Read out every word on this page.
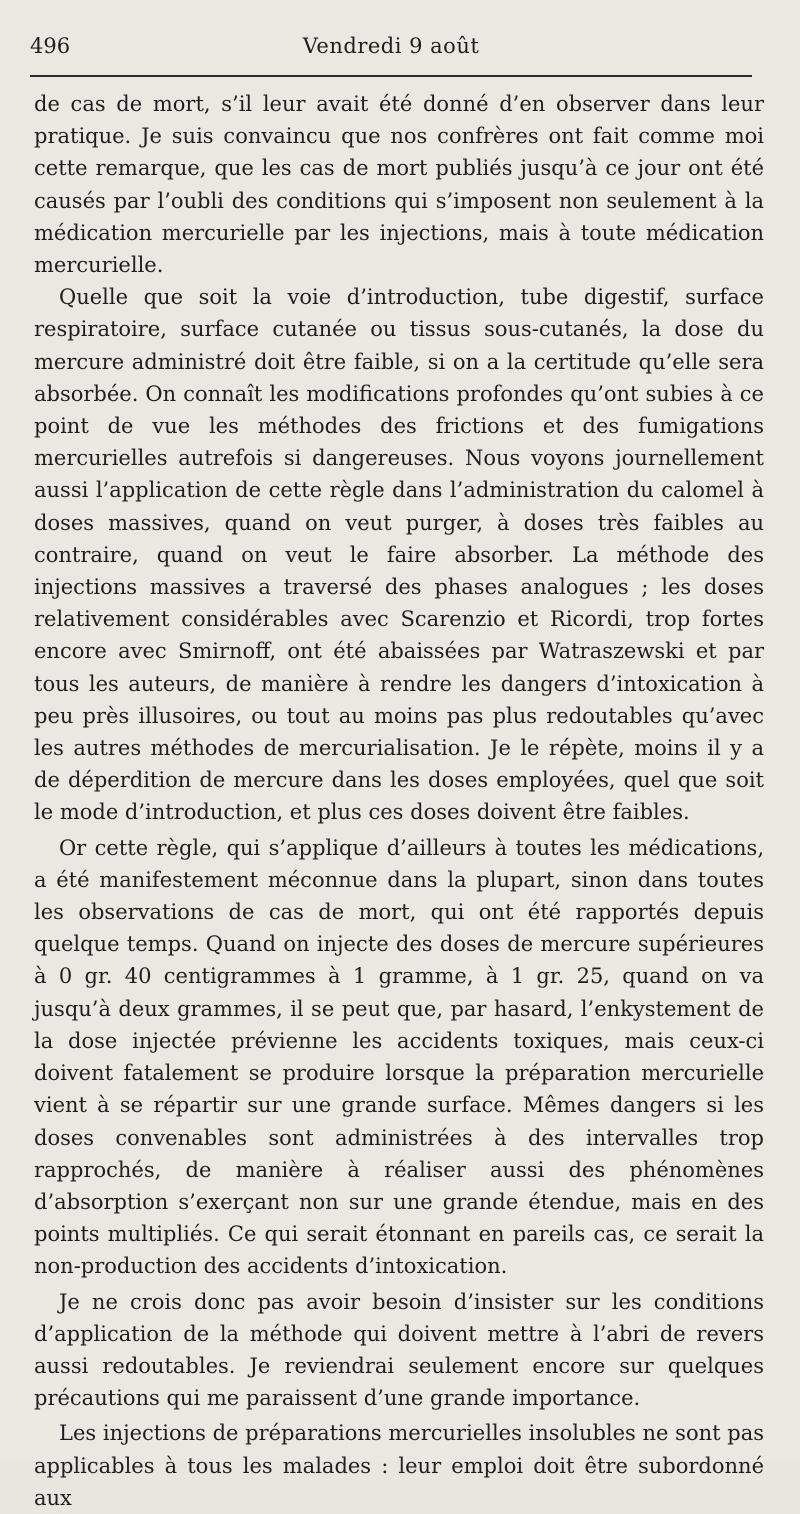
496	Vendredi 9 août

de cas de mort, s’il leur avait été donné d’en observer dans leur pratique. Je suis convaincu que nos confrères ont fait comme moi cette remarque, que les cas de mort publiés jusqu’à ce jour ont été causés par l’oubli des conditions qui s’imposent non seulement à la médication mercurielle par les injections, mais à toute médication mercurielle.

Quelle que soit la voie d’introduction, tube digestif, surface respiratoire, surface cutanée ou tissus sous-cutanés, la dose du mercure administré doit être faible, si on a la certitude qu’elle sera absorbée. On connaît les modifications profondes qu’ont subies à ce point de vue les méthodes des frictions et des fumigations mercurielles autrefois si dangereuses. Nous voyons journellement aussi l’application de cette règle dans l’administration du calomel à doses massives, quand on veut purger, à doses très faibles au contraire, quand on veut le faire absorber. La méthode des injections massives a traversé des phases analogues ; les doses relativement considérables avec Scarenzio et Ricordi, trop fortes encore avec Smirnoff, ont été abaissées par Watraszewski et par tous les auteurs, de manière à rendre les dangers d’intoxication à peu près illusoires, ou tout au moins pas plus redoutables qu’avec les autres méthodes de mercurialisation. Je le répète, moins il y a de déperdition de mercure dans les doses employées, quel que soit le mode d’introduction, et plus ces doses doivent être faibles.

Or cette règle, qui s’applique d’ailleurs à toutes les médications, a été manifestement méconnue dans la plupart, sinon dans toutes les observations de cas de mort, qui ont été rapportés depuis quelque temps. Quand on injecte des doses de mercure supérieures à 0 gr. 40 centigrammes à 1 gramme, à 1 gr. 25, quand on va jusqu’à deux grammes, il se peut que, par hasard, l’enkystement de la dose injectée prévienne les accidents toxiques, mais ceux-ci doivent fatalement se produire lorsque la préparation mercurielle vient à se répartir sur une grande surface. Mêmes dangers si les doses convenables sont administrées à des intervalles trop rapprochés, de manière à réaliser aussi des phénomènes d’absorption s’exerçant non sur une grande étendue, mais en des points multipliés. Ce qui serait étonnant en pareils cas, ce serait la non-production des accidents d’intoxication.

Je ne crois donc pas avoir besoin d’insister sur les conditions d’application de la méthode qui doivent mettre à l’abri de revers aussi redoutables. Je reviendrai seulement encore sur quelques précautions qui me paraissent d’une grande importance.

Les injections de préparations mercurielles insolubles ne sont pas applicables à tous les malades : leur emploi doit être subordonné aux
